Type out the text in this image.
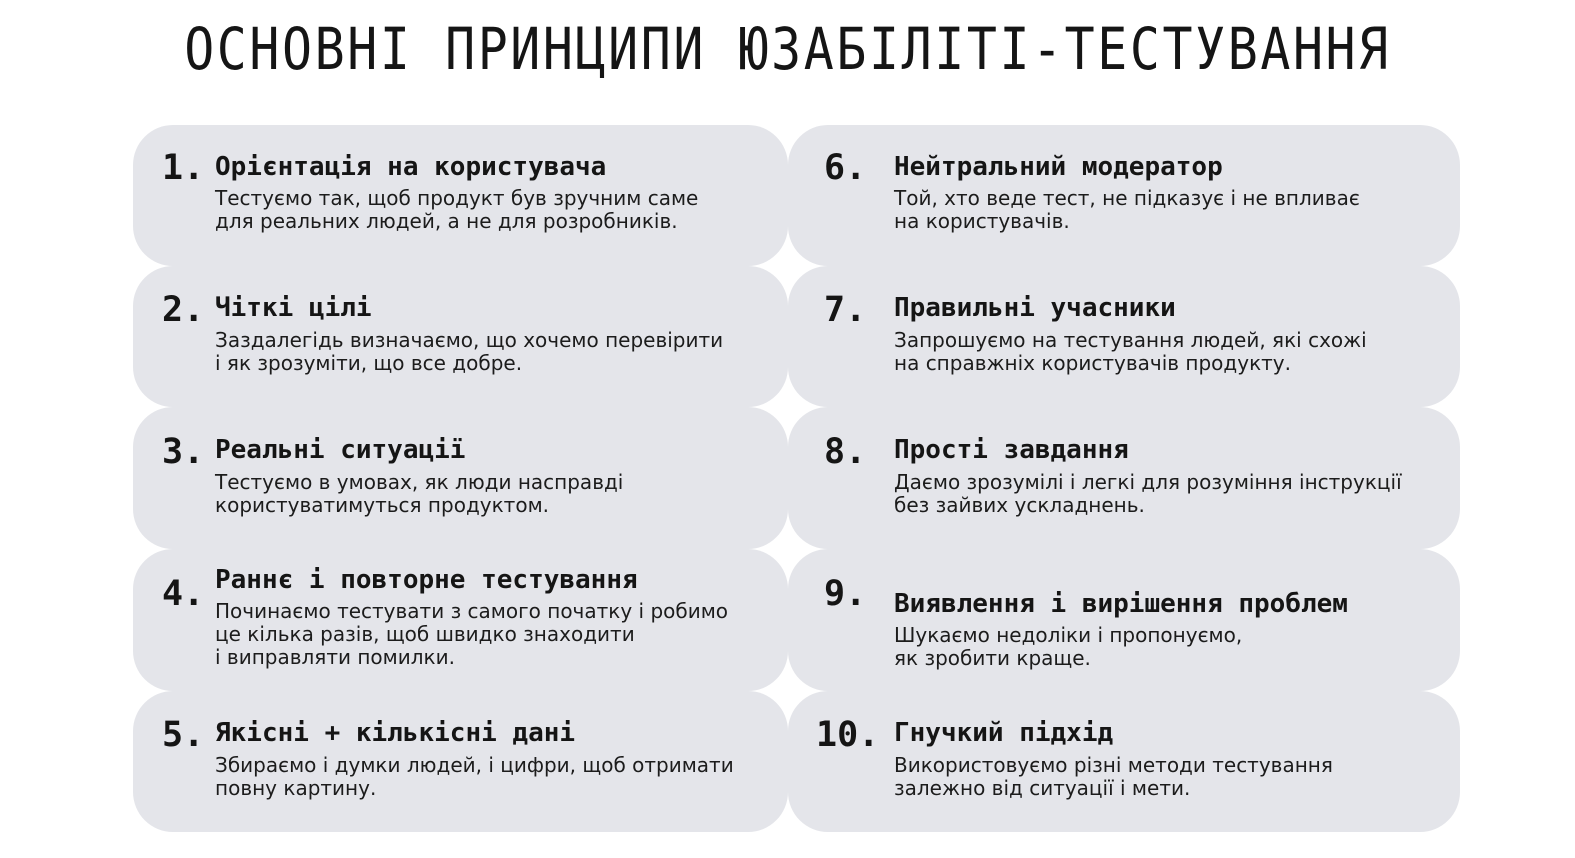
ОСНОВНІ ПРИНЦИПИ ЮЗАБІЛІТІ-ТЕСТУВАННЯ
1. Орієнтація на користувача
Тестуємо так, щоб продукт був зручним саме
для реальних людей, а не для розробників.
2. Чіткі цілі
Заздалегідь визначаємо, що хочемо перевірити
і як зрозуміти, що все добре.
3. Реальні ситуації
Тестуємо в умовах, як люди насправді
користуватимуться продуктом.
4. Раннє і повторне тестування
Починаємо тестувати з самого початку і робимо
це кілька разів, щоб швидко знаходити
і виправляти помилки.
5. Якісні + кількісні дані
Збираємо і думки людей, і цифри, щоб отримати
повну картину.
6. Нейтральний модератор
Той, хто веде тест, не підказує і не впливає
на користувачів.
7. Правильні учасники
Запрошуємо на тестування людей, які схожі
на справжніх користувачів продукту.
8. Прості завдання
Даємо зрозумілі і легкі для розуміння інструкції
без зайвих ускладнень.
9. Виявлення і вирішення проблем
Шукаємо недоліки і пропонуємо,
як зробити краще.
10. Гнучкий підхід
Використовуємо різні методи тестування
залежно від ситуації і мети.
